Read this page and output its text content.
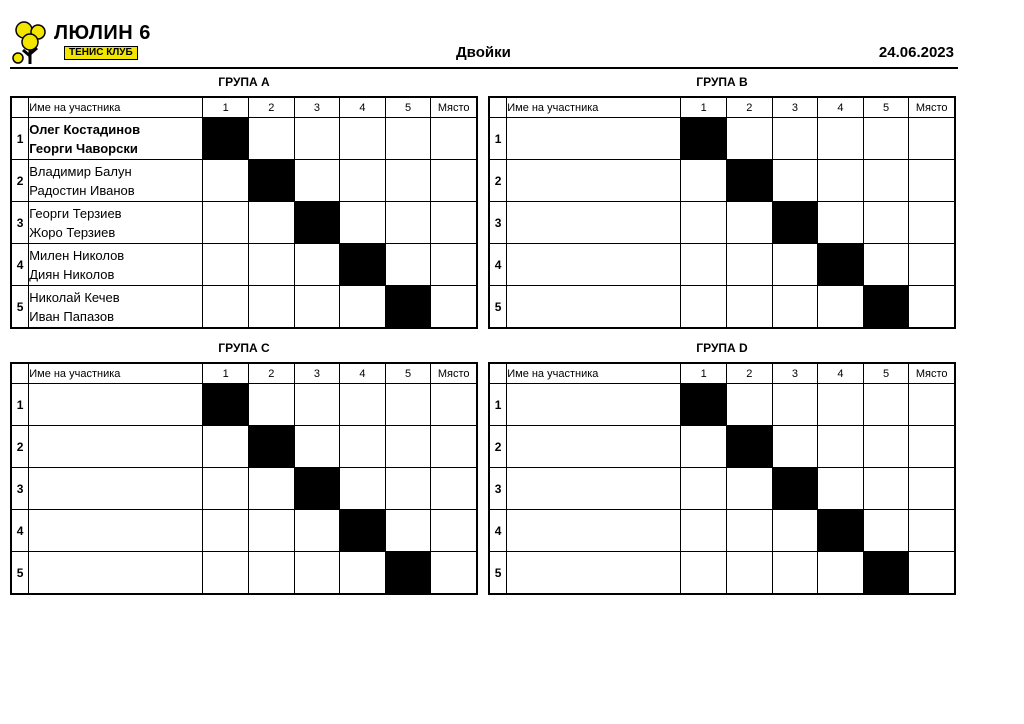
ЛЮЛИН 6
ТЕНИС КЛУБ	Двойки	24.06.2023
ГРУПА A
	Име на участника	1	2	3	4	5	Място
1	Олег Костадинов
Георги Чаворски						

2	Владимир Балун
Радостин Иванов						

3	Георги Терзиев
Жоро Терзиев						

4	Милен Николов
Диян Николов						

5	Николай Кечев
Иван Папазов						

ГРУПА B
	Име на участника	1	2	3	4	5	Място
1							
2							
3							
4							
5							
ГРУПА C
	Име на участника	1	2	3	4	5	Място
1							
2							
3							
4							
5							
ГРУПА D
	Име на участника	1	2	3	4	5	Място
1							
2							
3							
4							
5							
